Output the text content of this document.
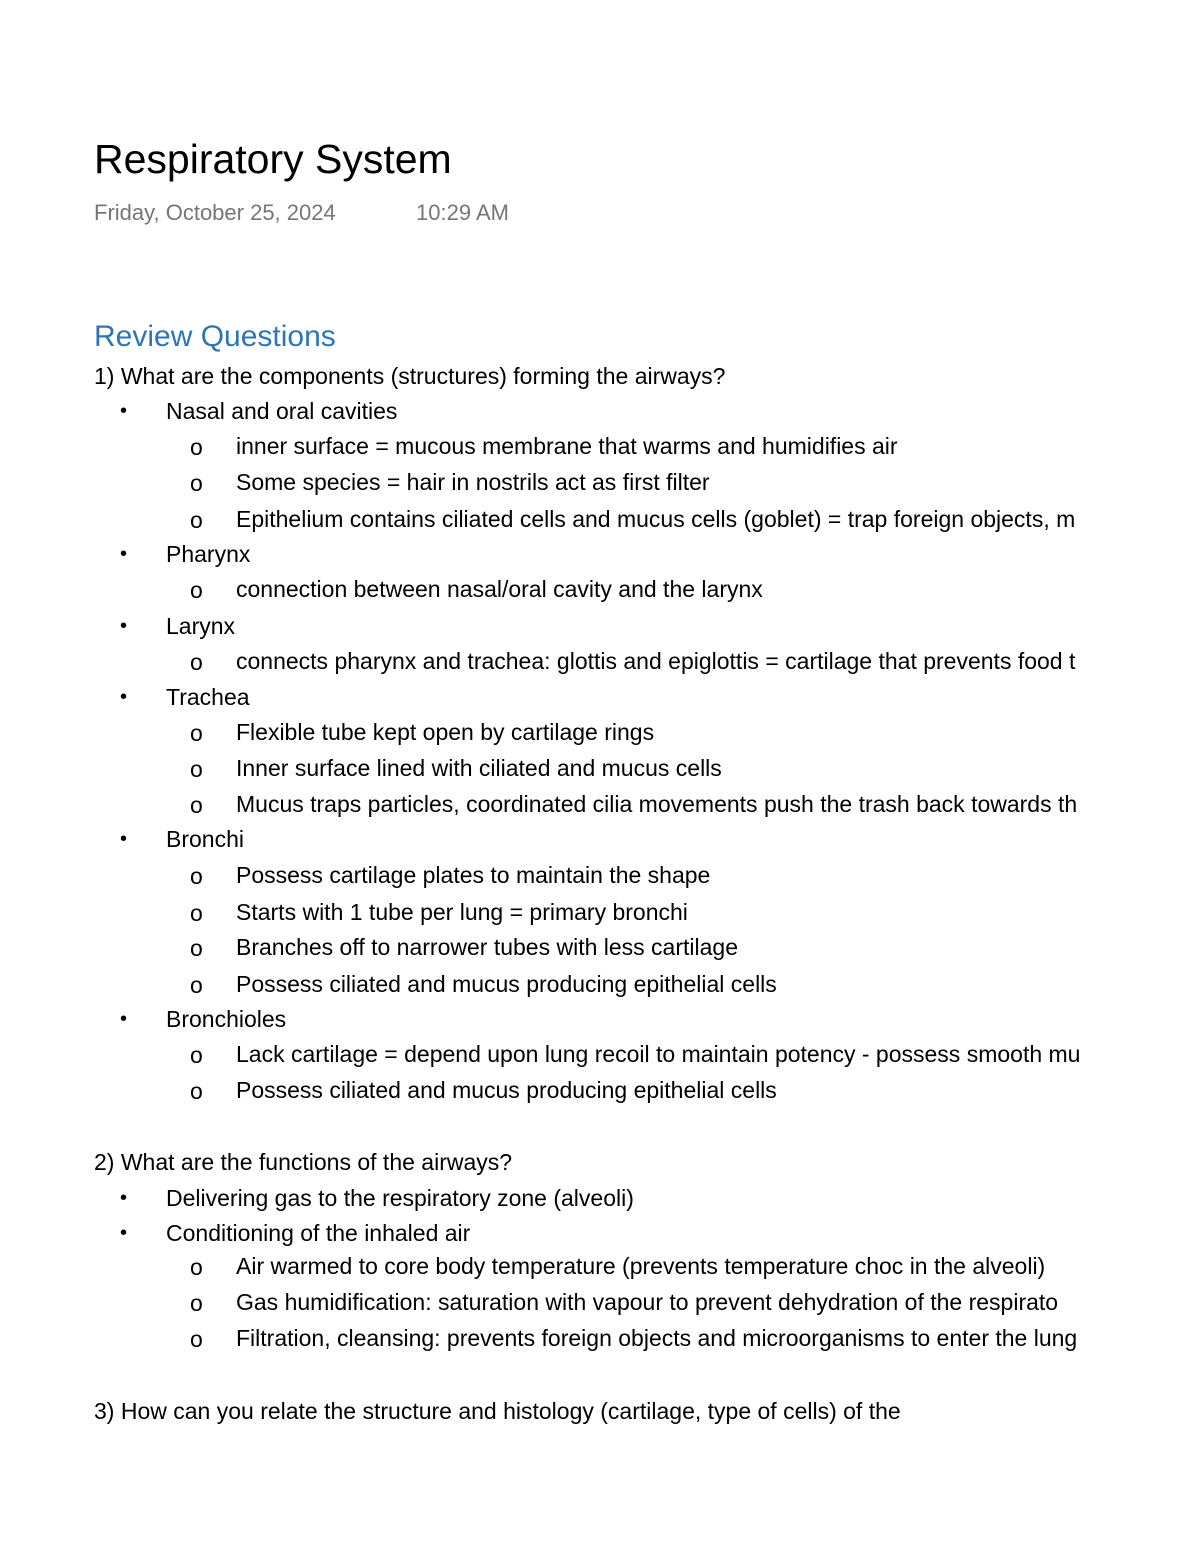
Respiratory System
Friday, October 25, 2024	10:29 AM
Review Questions
1) What are the components (structures) forming the airways?
• Nasal and oral cavities
o inner surface = mucous membrane that warms and humidifies air
o Some species = hair in nostrils act as first filter
o Epithelium contains ciliated cells and mucus cells (goblet) = trap foreign objects, m
• Pharynx
o connection between nasal/oral cavity and the larynx
• Larynx
o connects pharynx and trachea: glottis and epiglottis = cartilage that prevents food t
• Trachea
o Flexible tube kept open by cartilage rings
o Inner surface lined with ciliated and mucus cells
o Mucus traps particles, coordinated cilia movements push the trash back towards th
• Bronchi
o Possess cartilage plates to maintain the shape
o Starts with 1 tube per lung = primary bronchi
o Branches off to narrower tubes with less cartilage
o Possess ciliated and mucus producing epithelial cells
• Bronchioles
o Lack cartilage = depend upon lung recoil to maintain potency - possess smooth mu
o Possess ciliated and mucus producing epithelial cells
2) What are the functions of the airways?
• Delivering gas to the respiratory zone (alveoli)
• Conditioning of the inhaled air
o Air warmed to core body temperature (prevents temperature choc in the alveoli)
o Gas humidification: saturation with vapour to prevent dehydration of the respirato
o Filtration, cleansing: prevents foreign objects and microorganisms to enter the lung
3) How can you relate the structure and histology (cartilage, type of cells) of the
